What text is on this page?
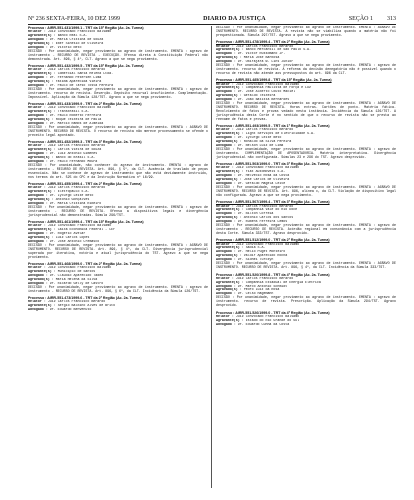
Nº 236 SEXTA-FEIRA, 10 DEZ 1999	DIARIO DA JUSTIÇA	SEÇÃO 1 313
Processo : AIRR-551.431/1999.1 - TRT da 15ª Região (Ac. 2a. Turma)
Relator : Juiz Convocado Francisco Balsamo
Agravante(s) : Banco Real S.A.
Advogado : Dr. Maria Cristina de Souza
Agravado(s) : Eber Sinésio de Oliveira
Advogado : Dr. Vitório Neto
DECISÃO : Por unanimidade, negar provimento ao agravo de instrumento. EMENTA : agravo de instrumento - RECURSO DE REVISTA - EXECUÇÃO. Ofensa direta à Constituição Federal não demonstrada. Art. 896, § 4º, CLT. Agravo a que se nega provimento.
Processo : AIRR-551.432/1999.5 - TRT da 15ª Região (Ac. 2a. Turma)
Relator : Juiz Carlos Francisco Berardo
Agravante(s) : Comercial Santa Helena Ltda.
Advogado : Dr. Fernando Petersen Lima
Agravado(s) : Fátima Aparecida Vieira
Advogado : Dr. Paulo de Tarso Tosta Pereira
DECISÃO : Por unanimidade, negar provimento ao agravo de instrumento. EMENTA : agravo de instrumento. recurso de revista. Deserção. Depósito recursal insuficiente. Complementação. Impossível. Aplicação da Súmula 128/TST. Agravo a que se nega provimento.
Processo : AIRR-551.433/1999.9 - TRT da 2ª Região (Ac. 2a. Turma)
Relator : Juiz Convocado Francisco Balsamo
Agravante(s) : Transbrasil S.A.
Advogado : Dr. Paulo Roberto Ferreira
Agravado(s) : Roque Teixeira de Paula
Advogado : Dr. Marcio Ramos de Almeida
DECISÃO : Por unanimidade, negar provimento ao agravo de instrumento. EMENTA : AGRAVO DE INSTRUMENTO. RECURSO DE REVISTA. O recurso de revista não merece processamento se ofende o preceito legal apontado.
Processo : AIRR-551.452/1999.3 - TRT da 3ª Região (Ac. 2a. Turma)
Relator : Juiz Carlos Francisco Berardo
Agravante(s) : Carlos Vieira de Souza
Advogado : Dr. Luiz Antonio Gimenes
Agravado(s) : Banco do Brasil S.A.
Advogado : Dr. Paulo Fernando Moura
DECISÃO : Por unanimidade, não conhecer do agravo de instrumento. EMENTA : agravo de instrumento - RECURSO DE REVISTA. Art. 896, § 5º, da CLT. Ausência de traslado de peças essenciais. Não se conhece de agravo de instrumento que não está devidamente instruído, nos termos do art. 525 do CPC e da Instrução Normativa nº 16/99.
Processo : AIRR-551.455/1999.4 - TRT da 2ª Região (Ac. 2a. Turma)
Relator : Juiz Carlos Francisco Berardo
Agravante(s) : Eletropaulo S.A.
Advogado : Dr. Lycurgo Leite Neto
Agravado(s) : Antonio Gonçalves
Advogado : Dr. Maria Cristina Ribeiro
DECISÃO : Por unanimidade, negar provimento ao agravo de instrumento. EMENTA : agravo de instrumento - RECURSO DE REVISTA. Ofensa a dispositivos legais e divergência jurisprudencial não demonstradas. Súmula 296/TST.
Processo : AIRR-551.461/1999.4 - TRT da 15ª Região (Ac. 2a. Turma)
Relator : Juiz Convocado Francisco Balsamo
Agravante(s) : Caixa Econômica Federal - CEF
Advogado : Dr. Rogério Avelar
Agravado(s) : Luiz Carlos Lopes
Advogado : Dr. José Antonio Cremasco
DECISÃO : Por unanimidade, negar provimento ao agravo de instrumento. EMENTA : AGRAVO DE INSTRUMENTO. RECURSO DE REVISTA. Art. 896, § 4º, da CLT. Divergência jurisprudencial superada por iterativa, notória e atual jurisprudência do TST. Agravo a que se nega provimento.
Processo : AIRR-551.468/1999.0 - TRT da 2ª Região (Ac. 2a. Turma)
Relator : Juiz Convocado Francisco Balsamo
Agravante(s) : Município de Santos
Advogado : Dr. Claudio Aparecido Tadeo
Agravado(s) : Maria Helena da Silva
Advogado : Dr. Ricardo Gelly de Castro
DECISÃO : Por unanimidade, negar provimento ao agravo de instrumento. EMENTA : agravo de instrumento - RECURSO DE REVISTA. Art. 896, § 6º, da CLT. Incidência da Súmula 126/TST.
Processo : AIRR-551.473/1999.6 - TRT da 2ª Região (Ac. 2a. Turma)
Relator : Juiz Carlos Francisco Berardo
Agravante(s) : Sérgio Balbino Alves de Brito
Advogado : Dr. Eduardo Benvenuto
DECISÃO : Por unanimidade, negar provimento ao agravo de instrumento. EMENTA : AGRAVO DE INSTRUMENTO. RECURSO DE REVISTA. A revista não se viabiliza quando a matéria não foi prequestionada. Súmula 297/TST. Agravo a que se nega provimento.
Processo : AIRR-551.478/1999.4 - TRT da 2ª Região (Ac. 2a. Turma)
Relator : Juiz Carlos Francisco Berardo
Agravante(s) : Banco Mercantil de São Paulo S.A.
Advogado : Dr. Victor Russomano Jr.
Agravado(s) : Maria José Barbosa
Advogado : Dr. Ubirajara W. Lins Júnior
DECISÃO : Por unanimidade, negar provimento ao agravo de instrumento. EMENTA : agravo de instrumento. recurso de revista. A reforma da decisão denegatória não é possível quando o recurso de revista não atende aos pressupostos do art. 896 da CLT.
Processo : AIRR-551.485/1999.8 - TRT da 15ª Região (Ac. 2a. Turma)
Relator : Juiz Convocado Francisco Balsamo
Agravante(s) : Companhia Paulista de Força e Luz
Advogado : Dr. José Alberto Couto Maciel
Agravado(s) : Geraldo Teixeira
Advogado : Dr. João Batista Bernardes
DECISÃO : Por unanimidade, negar provimento ao agravo de instrumento. EMENTA : AGRAVO DE INSTRUMENTO. RECURSO DE REVISTA. Horas extras. Cartões de ponto. Matéria fática. Revolvimento de fatos e provas vedado nesta instância. Incidência da Súmula 126/TST. A jurisprudência desta Corte é no sentido de que o recurso de revista não se presta ao reexame de fatos e provas.
Processo : AIRR-551.493/1999.5 - TRT da 1ª Região (Ac. 2a. Turma)
Relator : Juiz Carlos Francisco Berardo
Agravante(s) : Light Serviços de Eletricidade S.A.
Advogado : Dr. Lycurgo Leite Neto
Agravado(s) : Ronaldo da Silva Pereira
Advogado : Dr. Nelson Luiz de Lima
DECISÃO : Por unanimidade, negar provimento ao agravo de instrumento. EMENTA : agravo de instrumento. COMPLEMENTAÇÃO DE APOSENTADORIA. Matéria interpretativa. Divergência jurisprudencial não configurada. Súmulas 23 e 296 do TST. Agravo desprovido.
Processo : AIRR-551.503/1999.0 - TRT da 3ª Região (Ac. 2a. Turma)
Relator : Juiz Convocado Francisco Balsamo
Agravante(s) : Fiat Automóveis S.A.
Advogado : Dr. Helvécio Rosa da Costa
Agravado(s) : José Carlos de Oliveira
Advogado : Dr. Geraldo Magela Leite
DECISÃO : Por unanimidade, negar provimento ao agravo de instrumento. EMENTA : AGRAVO DE INSTRUMENTO. RECURSO DE REVISTA. Art. 896, alínea c, da CLT. Violação de dispositivo legal não configurada. Agravo a que se nega provimento.
Processo : AIRR-551.507/1999.4 - TRT da 3ª Região (Ac. 2a. Turma)
Relator : Juiz Carlos Francisco Berardo
Agravante(s) : Companhia Vale do Rio Doce
Advogado : Dr. Nilton Correia
Agravado(s) : Antônio Carlos dos Santos
Advogado : Dr. Rubens Ferreira Lemos
DECISÃO : Por unanimidade, negar provimento ao agravo de instrumento. EMENTA : agravo de instrumento - RECURSO DE REVISTA. Acórdão regional em consonância com a jurisprudência desta Corte. Súmula 333/TST. Agravo desprovido.
Processo : AIRR-551.512/1999.0 - TRT da 2ª Região (Ac. 2a. Turma)
Relator : Juiz Convocado Francisco Balsamo
Agravante(s) : Sadia S.A.
Advogado : Dr. Hélio Puget Monteiro
Agravado(s) : Valdir Aparecido Rocha
Advogado : Dr. Sidnei Turczyn
DECISÃO : Por unanimidade, negar provimento ao agravo de instrumento. EMENTA : AGRAVO DE INSTRUMENTO. RECURSO DE REVISTA. Art. 896, § 4º, da CLT. Incidência da Súmula 333/TST.
Processo : AIRR-551.520/1999.8 - TRT da 4ª Região (Ac. 2a. Turma)
Relator : Juiz Carlos Francisco Berardo
Agravante(s) : Companhia Estadual de Energia Elétrica
Advogado : Dr. Marco Antônio Schmidt
Agravado(s) : Pedro Luiz da Rosa
Advogado : Dr. Celso Hagemann
DECISÃO : Por unanimidade, negar provimento ao agravo de instrumento. EMENTA : agravo de instrumento. recurso de revista. Prescrição. Aplicação da Súmula 294/TST. Agravo desprovido.
Processo : AIRR-551.526/1999.0 - TRT da 4ª Região (Ac. 2a. Turma)
Relator : Juiz Convocado Francisco Balsamo
Agravante(s) : Estado do Rio Grande do Sul
Advogado : Dr. Eduardo Cunha da Costa
